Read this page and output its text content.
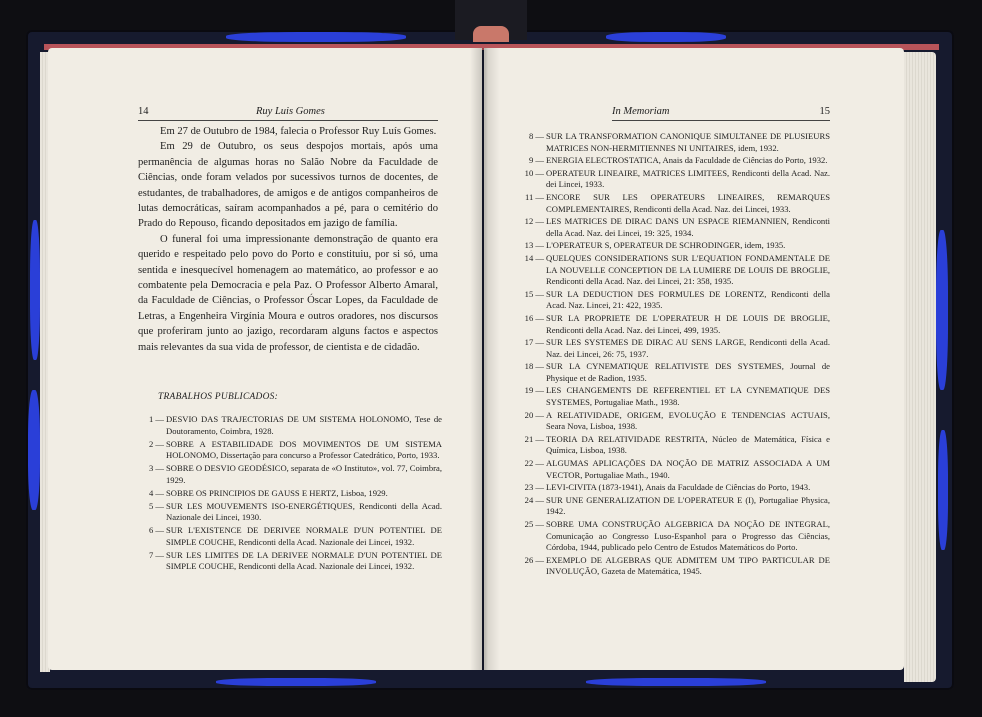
14	Ruy Luis Gomes

Em 27 de Outubro de 1984, falecia o Professor Ruy Luís Gomes.

Em 29 de Outubro, os seus despojos mortais, após uma permanência de algumas horas no Salão Nobre da Faculdade de Ciências, onde foram velados por sucessivos turnos de docentes, de estudantes, de trabalhadores, de amigos e de antigos companheiros de lutas democráticas, saíram acompanhados a pé, para o cemitério do Prado do Repouso, ficando depositados em jazigo de família.

O funeral foi uma impressionante demonstração de quanto era querido e respeitado pelo povo do Porto e constituiu, por si só, uma sentida e inesquecível homenagem ao matemático, ao professor e ao combatente pela Democracia e pela Paz. O Professor Alberto Amaral, da Faculdade de Ciências, o Professor Óscar Lopes, da Faculdade de Letras, a Engenheira Virgínia Moura e outros oradores, nos discursos que proferiram junto ao jazigo, recordaram alguns factos e aspectos mais relevantes da sua vida de professor, de cientista e de cidadão.

TRABALHOS PUBLICADOS:
1 — DESVIO DAS TRAJECTORIAS DE UM SISTEMA HOLONOMO, Tese de Doutoramento, Coimbra, 1928.
2 — SOBRE A ESTABILIDADE DOS MOVIMENTOS DE UM SISTEMA HOLONOMO, Dissertação para concurso a Professor Catedrático, Porto, 1933.
3 — SOBRE O DESVIO GEODÉSICO, separata de «O Instituto», vol. 77, Coimbra, 1929.
4 — SOBRE OS PRINCIPIOS DE GAUSS E HERTZ, Lisboa, 1929.
5 — SUR LES MOUVEMENTS ISO-ENERGÉTIQUES, Rendiconti della Acad. Nazionale dei Lincei, 1930.
6 — SUR L'EXISTENCE DE DERIVEE NORMALE D'UN POTENTIEL DE SIMPLE COUCHE, Rendiconti della Acad. Nazionale dei Lincei, 1932.
7 — SUR LES LIMITES DE LA DERIVEE NORMALE D'UN POTENTIEL DE SIMPLE COUCHE, Rendiconti della Acad. Nazionale dei Lincei, 1932.
In Memoriam	15
8 — SUR LA TRANSFORMATION CANONIQUE SIMULTANEE DE PLUSIEURS MATRICES NON-HERMITIENNES NI UNITAIRES, idem, 1932.
9 — ENERGIA ELECTROSTATICA, Anais da Faculdade de Ciências do Porto, 1932.
10 — OPERATEUR LINEAIRE, MATRICES LIMITEES, Rendiconti della Acad. Naz. dei Lincei, 1933.
11 — ENCORE SUR LES OPERATEURS LINEAIRES, REMARQUES COMPLEMENTAIRES, Rendiconti della Acad. Naz. dei Lincei, 1933.
12 — LES MATRICES DE DIRAC DANS UN ESPACE RIEMANNIEN, Rendiconti della Acad. Naz. dei Lincei, 19: 325, 1934.
13 — L'OPERATEUR S, OPERATEUR DE SCHRODINGER, idem, 1935.
14 — QUELQUES CONSIDERATIONS SUR L'EQUATION FONDAMENTALE DE LA NOUVELLE CONCEPTION DE LA LUMIERE DE LOUIS DE BROGLIE, Rendiconti della Acad. Naz. dei Lincei, 21: 358, 1935.
15 — SUR LA DEDUCTION DES FORMULES DE LORENTZ, Rendiconti della Acad. Naz. Lincei, 21: 422, 1935.
16 — SUR LA PROPRIETE DE L'OPERATEUR H DE LOUIS DE BROGLIE, Rendiconti della Acad. Naz. dei Lincei, 499, 1935.
17 — SUR LES SYSTEMES DE DIRAC AU SENS LARGE, Rendiconti della Acad. Naz. dei Lincei, 26: 75, 1937.
18 — SUR LA CYNEMATIQUE RELATIVISTE DES SYSTEMES, Journal de Physique et de Radion, 1935.
19 — LES CHANGEMENTS DE REFERENTIEL ET LA CYNEMATIQUE DES SYSTEMES, Portugaliae Math., 1938.
20 — A RELATIVIDADE, ORIGEM, EVOLUÇÃO E TENDENCIAS ACTUAIS, Seara Nova, Lisboa, 1938.
21 — TEORIA DA RELATIVIDADE RESTRITA, Núcleo de Matemática, Física e Química, Lisboa, 1938.
22 — ALGUMAS APLICAÇÕES DA NOÇÃO DE MATRIZ ASSOCIADA A UM VECTOR, Portugaliae Math., 1940.
23 — LEVI-CIVITA (1873-1941), Anais da Faculdade de Ciências do Porto, 1943.
24 — SUR UNE GENERALIZATION DE L'OPERATEUR E (I), Portugaliae Physica, 1942.
25 — SOBRE UMA CONSTRUÇÃO ALGEBRICA DA NOÇÃO DE INTEGRAL, Comunicação ao Congresso Luso-Espanhol para o Progresso das Ciências, Córdoba, 1944, publicado pelo Centro de Estudos Matemáticos do Porto.
26 — EXEMPLO DE ALGEBRAS QUE ADMITEM UM TIPO PARTICULAR DE INVOLUÇÃO, Gazeta de Matemática, 1945.
